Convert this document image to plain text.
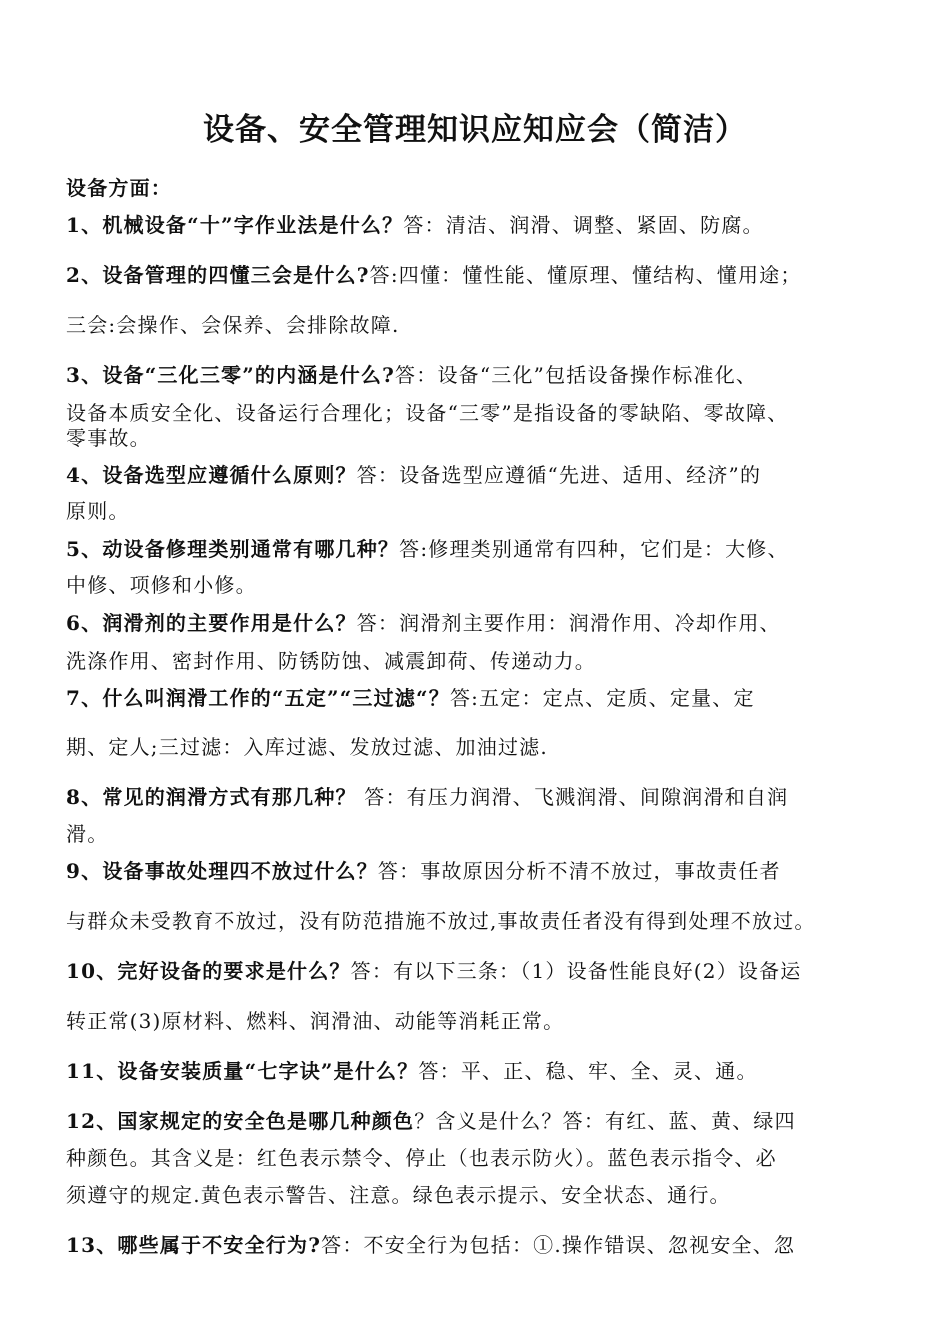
设备、安全管理知识应知应会（简洁）
设备方面：
1、机械设备“十”字作业法是什么？答：清洁、润滑、调整、紧固、防腐。
2、设备管理的四懂三会是什么?答:四懂：懂性能、懂原理、懂结构、懂用途；
三会:会操作、会保养、会排除故障.
3、设备“三化三零”的内涵是什么?答：设备“三化”包括设备操作标准化、
设备本质安全化、设备运行合理化；设备“三零”是指设备的零缺陷、零故障、
零事故。
4、设备选型应遵循什么原则？答：设备选型应遵循“先进、适用、经济”的
原则。
5、动设备修理类别通常有哪几种？答:修理类别通常有四种，它们是：大修、
中修、项修和小修。
6、润滑剂的主要作用是什么？答：润滑剂主要作用：润滑作用、冷却作用、
洗涤作用、密封作用、防锈防蚀、减震卸荷、传递动力。
7、什么叫润滑工作的“五定”“三过滤“？答:五定：定点、定质、定量、定
期、定人;三过滤：入库过滤、发放过滤、加油过滤.
8、常见的润滑方式有那几种？ 答：有压力润滑、飞溅润滑、间隙润滑和自润
滑。
9、设备事故处理四不放过什么？答：事故原因分析不清不放过，事故责任者
与群众未受教育不放过，没有防范措施不放过,事故责任者没有得到处理不放过。
10、完好设备的要求是什么？答：有以下三条：（1）设备性能良好(2）设备运
转正常(3)原材料、燃料、润滑油、动能等消耗正常。
11、设备安装质量“七字诀”是什么？答：平、正、稳、牢、全、灵、通。
12、国家规定的安全色是哪几种颜色？含义是什么？答：有红、蓝、黄、绿四
种颜色。其含义是：红色表示禁令、停止（也表示防火）。蓝色表示指令、必
须遵守的规定.黄色表示警告、注意。绿色表示提示、安全状态、通行。
13、哪些属于不安全行为?答：不安全行为包括：①.操作错误、忽视安全、忽
